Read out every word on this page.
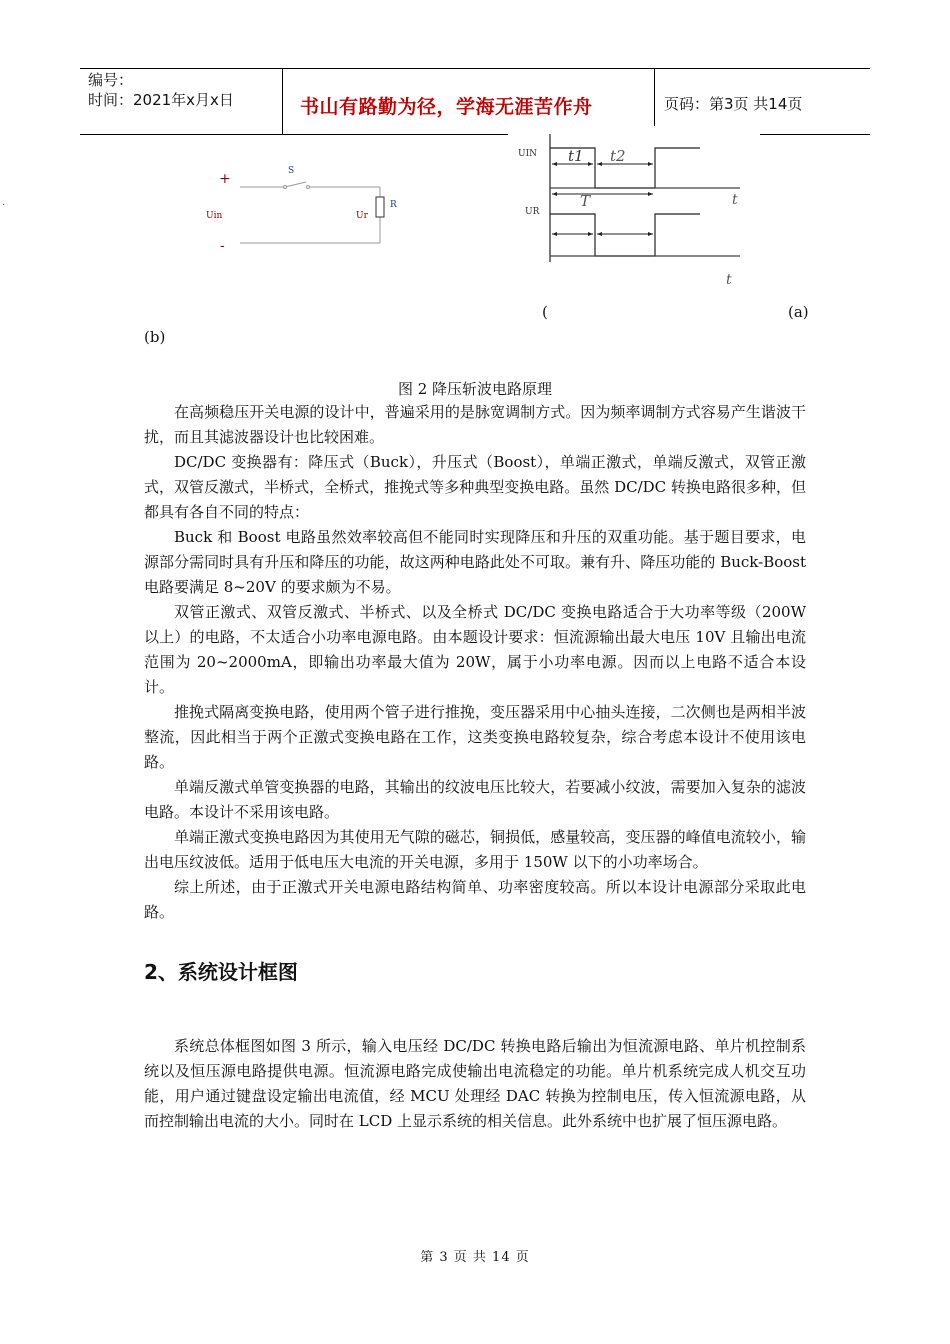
编号：
时间：2021年x月x日	书山有路勤为径，学海无涯苦作舟	页码：第3页 共14页
·
+
-
S
R
Uin	Ur
UIN
UR
t1 t2
T	t
t
(	(a)
(b)
图 2 降压斩波电路原理

在高频稳压开关电源的设计中，普遍采用的是脉宽调制方式。因为频率调制方式容易产生谐波干扰，而且其滤波器设计也比较困难。

DC/DC 变换器有：降压式（Buck），升压式（Boost），单端正激式，单端反激式，双管正激式，双管反激式，半桥式，全桥式，推挽式等多种典型变换电路。虽然 DC/DC 转换电路很多种，但都具有各自不同的特点：

Buck 和 Boost 电路虽然效率较高但不能同时实现降压和升压的双重功能。基于题目要求，电源部分需同时具有升压和降压的功能，故这两种电路此处不可取。兼有升、降压功能的 Buck-Boost 电路要满足 8~20V 的要求颇为不易。

双管正激式、双管反激式、半桥式、以及全桥式 DC/DC 变换电路适合于大功率等级（200W 以上）的电路，不太适合小功率电源电路。由本题设计要求：恒流源输出最大电压 10V 且输出电流范围为 20~2000mA，即输出功率最大值为 20W，属于小功率电源。因而以上电路不适合本设计。

推挽式隔离变换电路，使用两个管子进行推挽，变压器采用中心抽头连接，二次侧也是两相半波整流，因此相当于两个正激式变换电路在工作，这类变换电路较复杂，综合考虑本设计不使用该电路。

单端反激式单管变换器的电路，其输出的纹波电压比较大，若要减小纹波，需要加入复杂的滤波电路。本设计不采用该电路。

单端正激式变换电路因为其使用无气隙的磁芯，铜损低，感量较高，变压器的峰值电流较小，输出电压纹波低。适用于低电压大电流的开关电源，多用于 150W 以下的小功率场合。

综上所述，由于正激式开关电源电路结构简单、功率密度较高。所以本设计电源部分采取此电路。

2、系统设计框图

系统总体框图如图 3 所示，输入电压经 DC/DC 转换电路后输出为恒流源电路、单片机控制系统以及恒压源电路提供电源。恒流源电路完成使输出电流稳定的功能。单片机系统完成人机交互功能，用户通过键盘设定输出电流值，经 MCU 处理经 DAC 转换为控制电压，传入恒流源电路，从而控制输出电流的大小。同时在 LCD 上显示系统的相关信息。此外系统中也扩展了恒压源电路。

第 3 页 共 14 页
